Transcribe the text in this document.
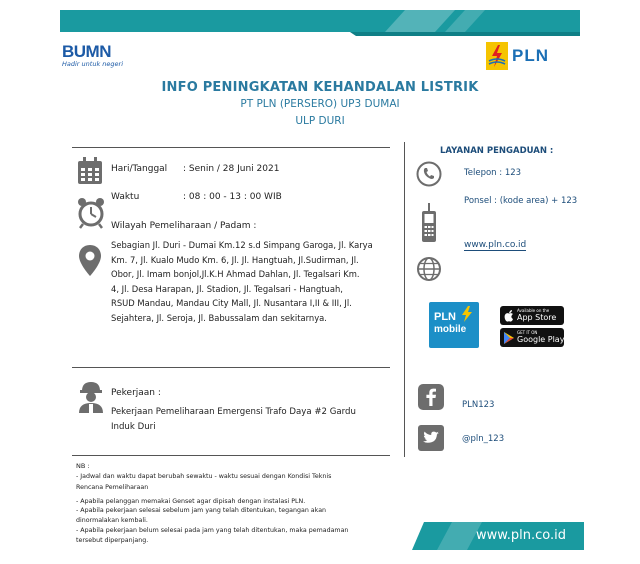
BUMN
Hadir untuk negeri	PLN
INFO PENINGKATAN KEHANDALAN LISTRIK
PT PLN (PERSERO) UP3 DUMAI
ULP DURI
Hari/Tanggal : Senin / 28 Juni 2021
Waktu	: 08 : 00 - 13 : 00 WIB
Wilayah Pemeliharaan / Padam :
Sebagian Jl. Duri - Dumai Km.12 s.d Simpang Garoga, Jl. Karya
Km. 7, Jl. Kualo Mudo Km. 6, Jl. Jl. Hangtuah, Jl.Sudirman, Jl.
Obor, Jl. Imam bonjol,Jl.K.H Ahmad Dahlan, Jl. Tegalsari Km.
4, Jl. Desa Harapan, Jl. Stadion, Jl. Tegalsari - Hangtuah,
RSUD Mandau, Mandau City Mall, Jl. Nusantara I,II & III, Jl.
Sejahtera, Jl. Seroja, Jl. Babussalam dan sekitarnya.
Pekerjaan :
Pekerjaan Pemeliharaan Emergensi Trafo Daya #2 Gardu
Induk Duri
NB :
- Jadwal dan waktu dapat berubah sewaktu - waktu sesuai dengan Kondisi Teknis
Rencana Pemeliharaan
- Apabila pelanggan memakai Genset agar dipisah dengan instalasi PLN.
- Apabila pekerjaan selesai sebelum jam yang telah ditentukan, tegangan akan
dinormalakan kembali.
- Apabila pekerjaan belum selesai pada jam yang telah ditentukan, maka pemadaman
tersebut diperpanjang.
LAYANAN PENGADUAN :
Telepon : 123
Ponsel : (kode area) + 123
www.pln.co.id
PLN
mobile
Available on the
App Store
GET IT ON
Google Play
PLN123
@pln_123
www.pln.co.id
